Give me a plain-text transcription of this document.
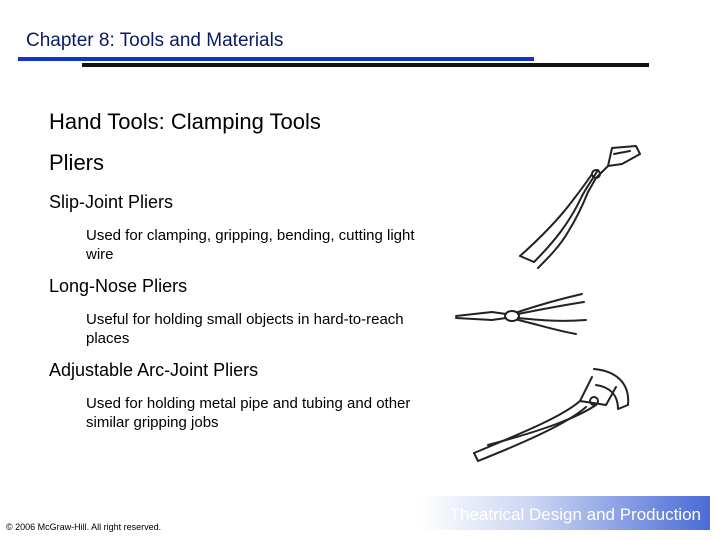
Chapter 8: Tools and Materials
Hand Tools: Clamping Tools
Pliers
Slip-Joint Pliers
Used for clamping, gripping, bending, cutting light wire
Long-Nose Pliers
Useful for holding small objects in hard-to-reach places
Adjustable Arc-Joint Pliers
Used for holding metal pipe and tubing and other similar gripping jobs
Theatrical Design and Production
© 2006 McGraw-Hill. All right reserved.
